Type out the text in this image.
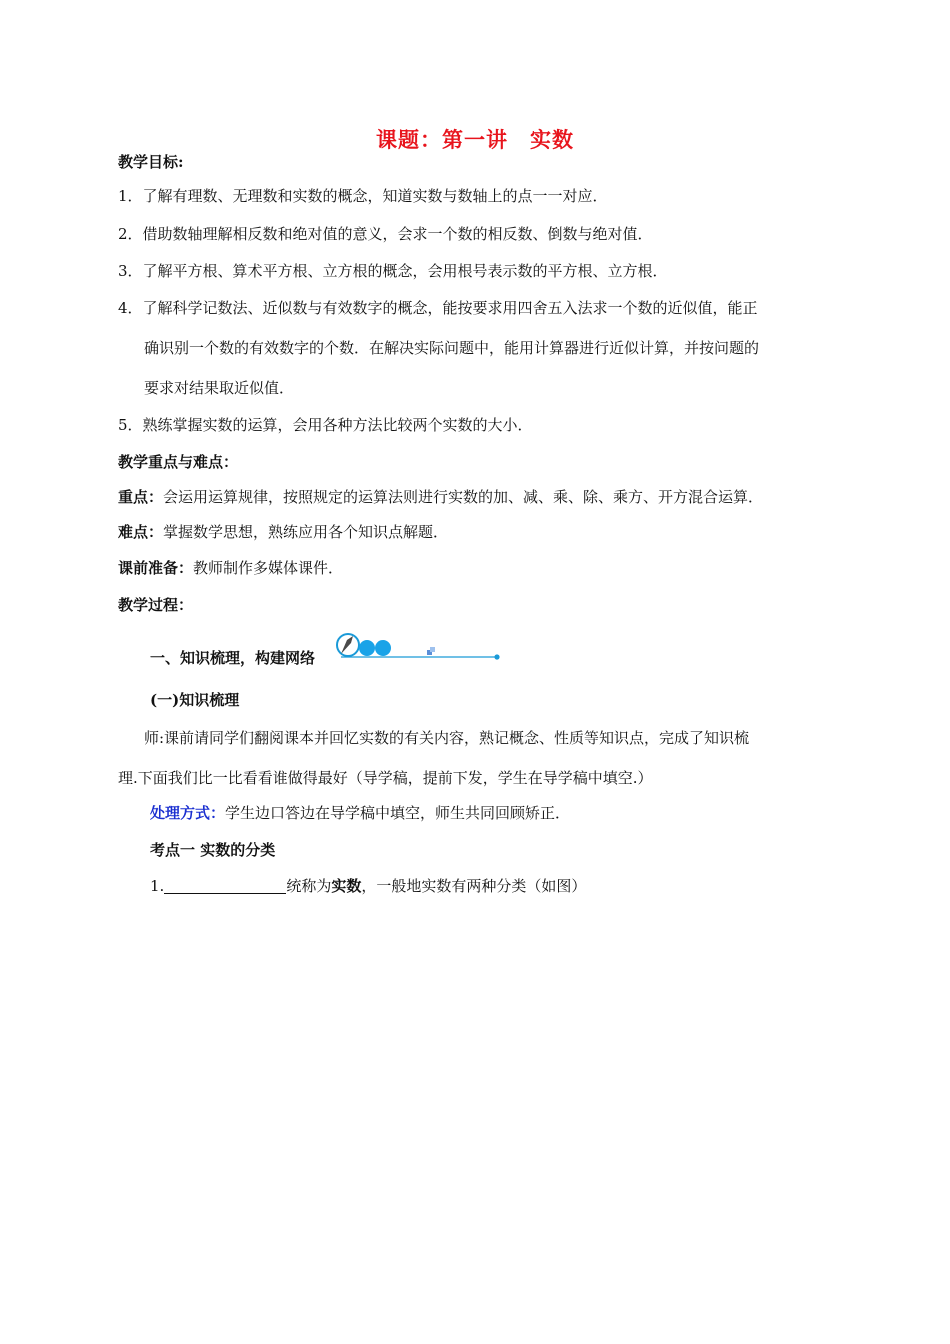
课题：第一讲　实数
教学目标:
1．了解有理数、无理数和实数的概念，知道实数与数轴上的点一一对应．
2．借助数轴理解相反数和绝对值的意义，会求一个数的相反数、倒数与绝对值．
3．了解平方根、算术平方根、立方根的概念，会用根号表示数的平方根、立方根．
4．了解科学记数法、近似数与有效数字的概念，能按要求用四舍五入法求一个数的近似值，能正
确识别一个数的有效数字的个数．在解决实际问题中，能用计算器进行近似计算，并按问题的
要求对结果取近似值．
5．熟练掌握实数的运算，会用各种方法比较两个实数的大小．
教学重点与难点：
重点：会运用运算规律，按照规定的运算法则进行实数的加、减、乘、除、乘方、开方混合运算．
难点：掌握数学思想，熟练应用各个知识点解题．
课前准备：教师制作多媒体课件．
教学过程：
一、知识梳理，构建网络
(一)知识梳理
师:课前请同学们翻阅课本并回忆实数的有关内容，熟记概念、性质等知识点，完成了知识梳
理.下面我们比一比看看谁做得最好（导学稿，提前下发，学生在导学稿中填空.）
处理方式：学生边口答边在导学稿中填空，师生共同回顾矫正．
考点一 实数的分类
1.	统称为实数，一般地实数有两种分类（如图）
